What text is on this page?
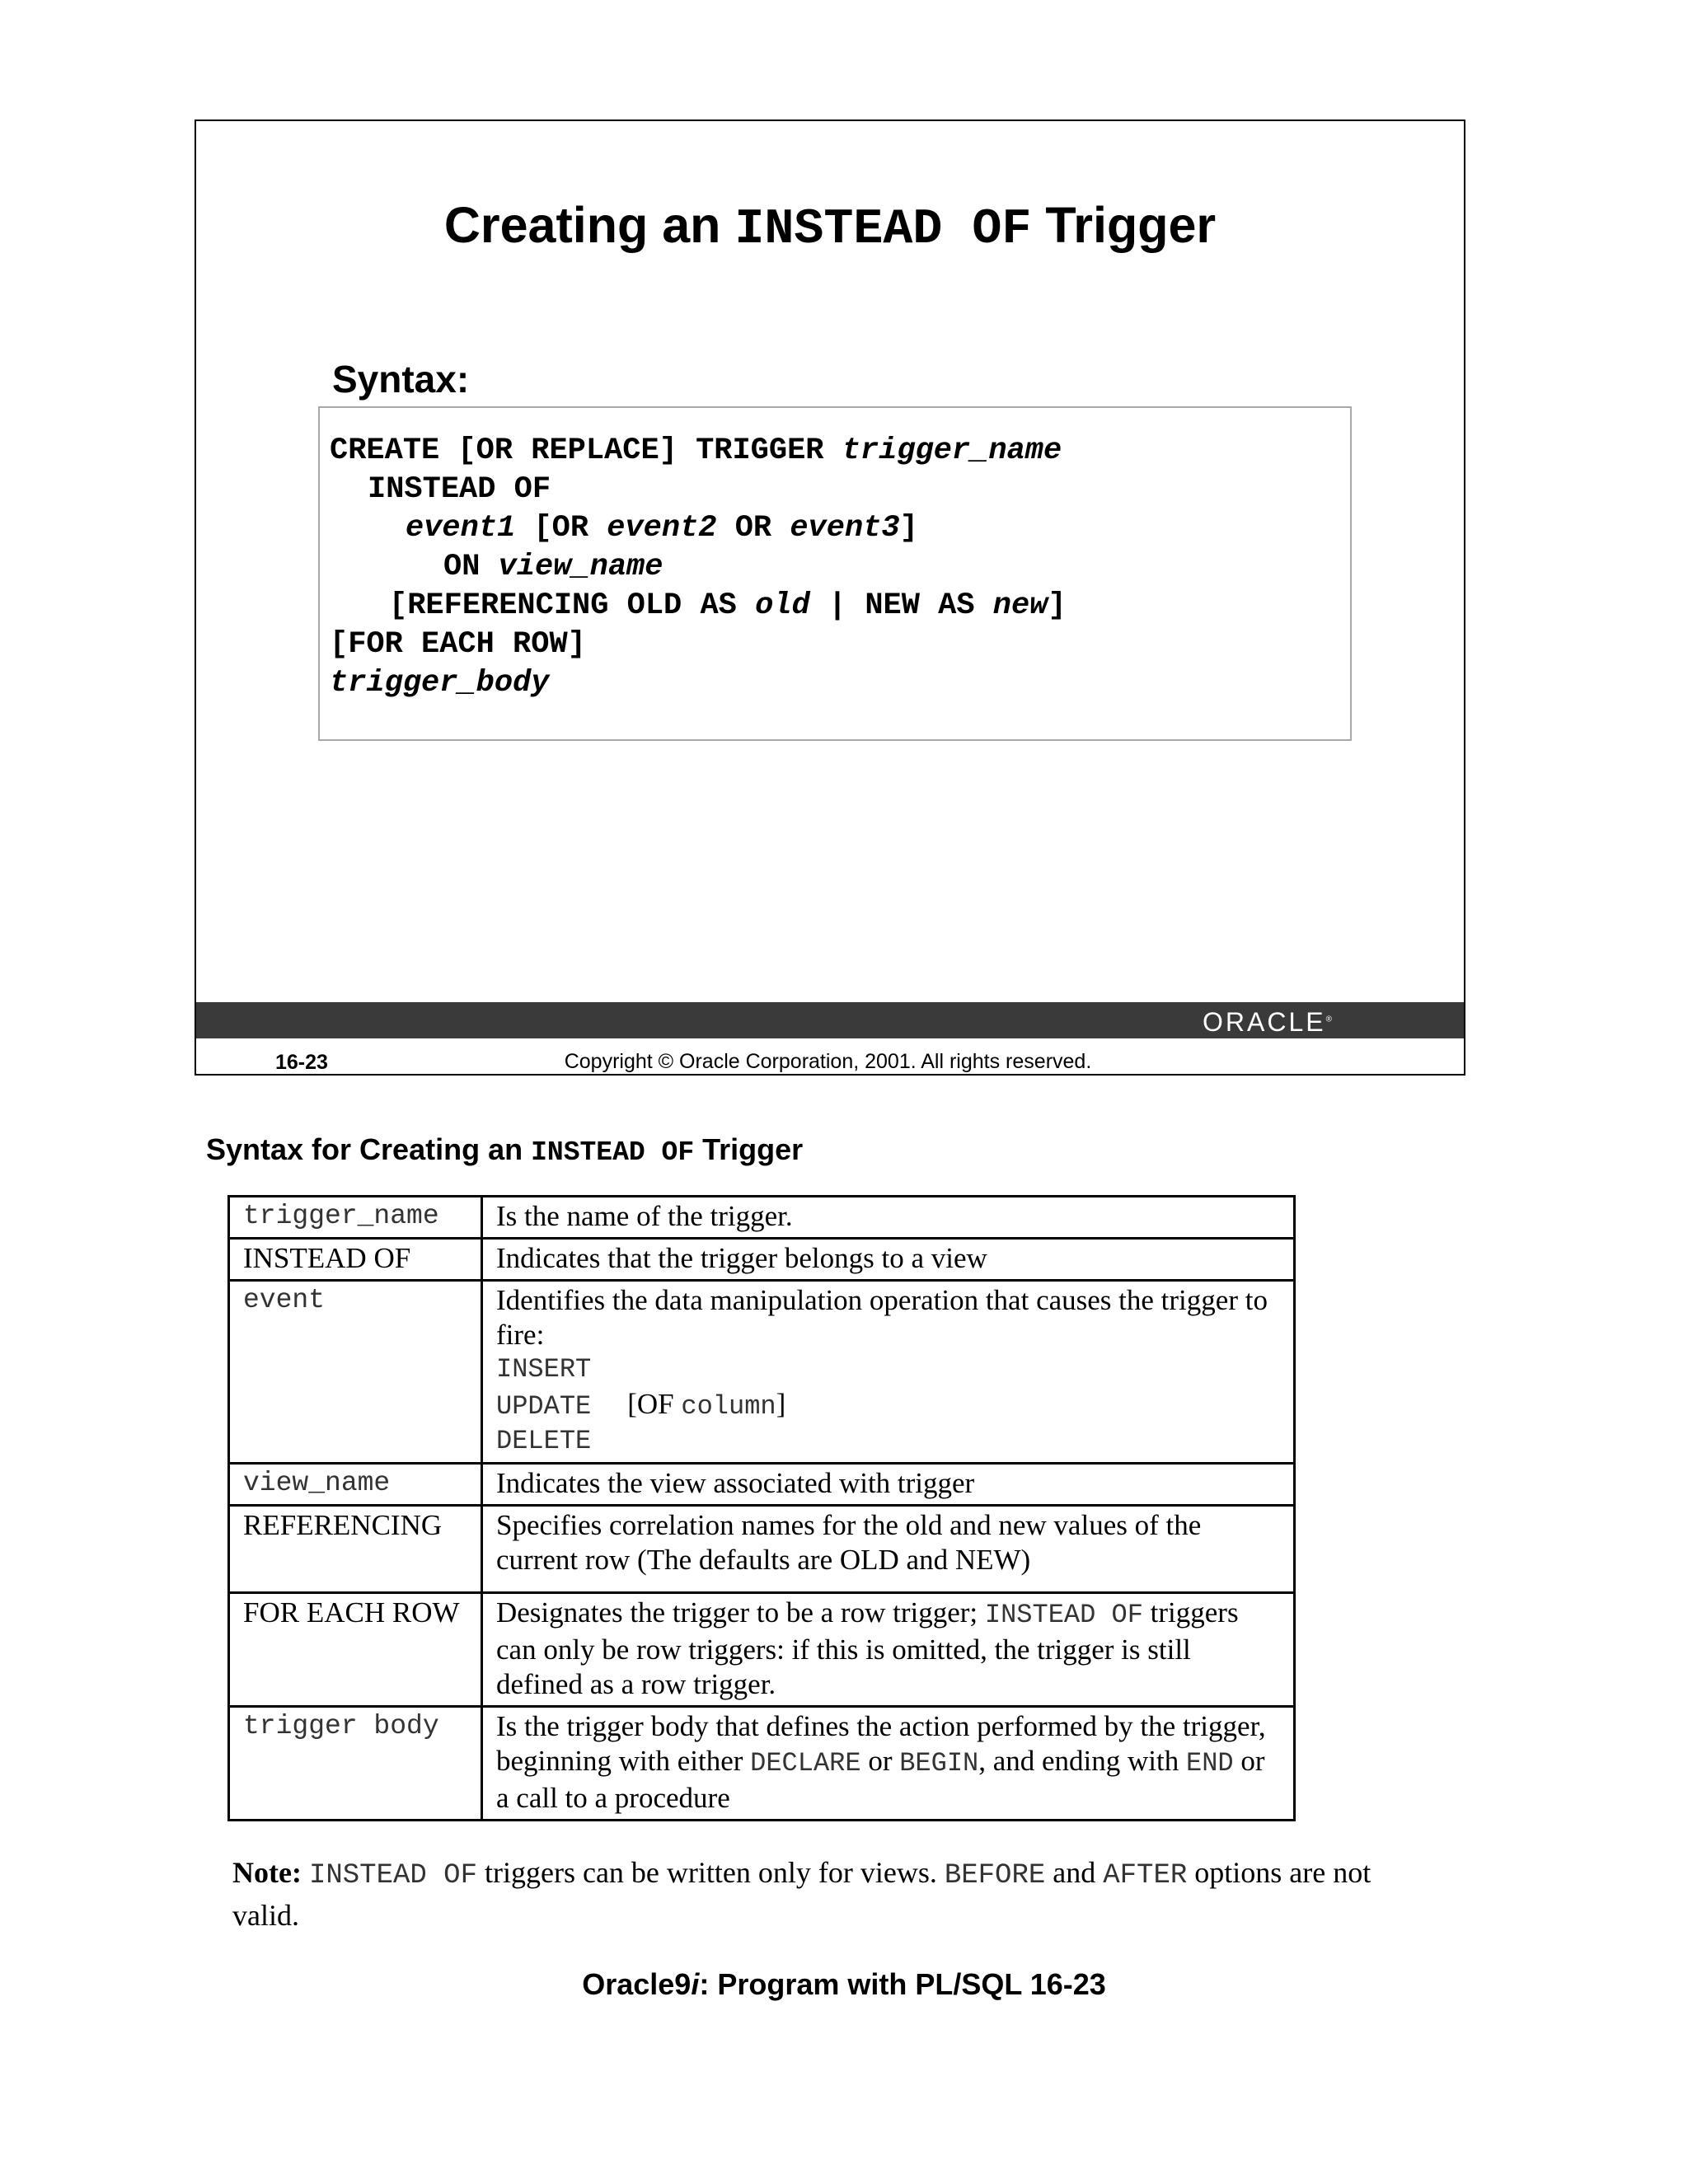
Creating an INSTEAD OF Trigger
Syntax:
CREATE [OR REPLACE] TRIGGER trigger_name
INSTEAD OF
event1 [OR event2 OR event3]
ON view_name
[REFERENCING OLD AS old | NEW AS new]
[FOR EACH ROW]
trigger_body
ORACLE®
16-23	Copyright © Oracle Corporation, 2001. All rights reserved.
Syntax for Creating an INSTEAD OF Trigger
trigger_name	Is the name of the trigger.
INSTEAD OF	Indicates that the trigger belongs to a view
event	Identifies the data manipulation operation that causes the trigger to fire:
INSERT
UPDATE [OF column]
DELETE

view_name	Indicates the view associated with trigger
REFERENCING	Specifies correlation names for the old and new values of the current row (The defaults are OLD and NEW)
FOR EACH ROW	Designates the trigger to be a row trigger; INSTEAD OF triggers can only be row triggers: if this is omitted, the trigger is still defined as a row trigger.
trigger body	Is the trigger body that defines the action performed by the trigger, beginning with either DECLARE or BEGIN, and ending with END or a call to a procedure
Note: INSTEAD OF triggers can be written only for views. BEFORE and AFTER options are not valid.
Oracle9i: Program with PL/SQL 16-23
